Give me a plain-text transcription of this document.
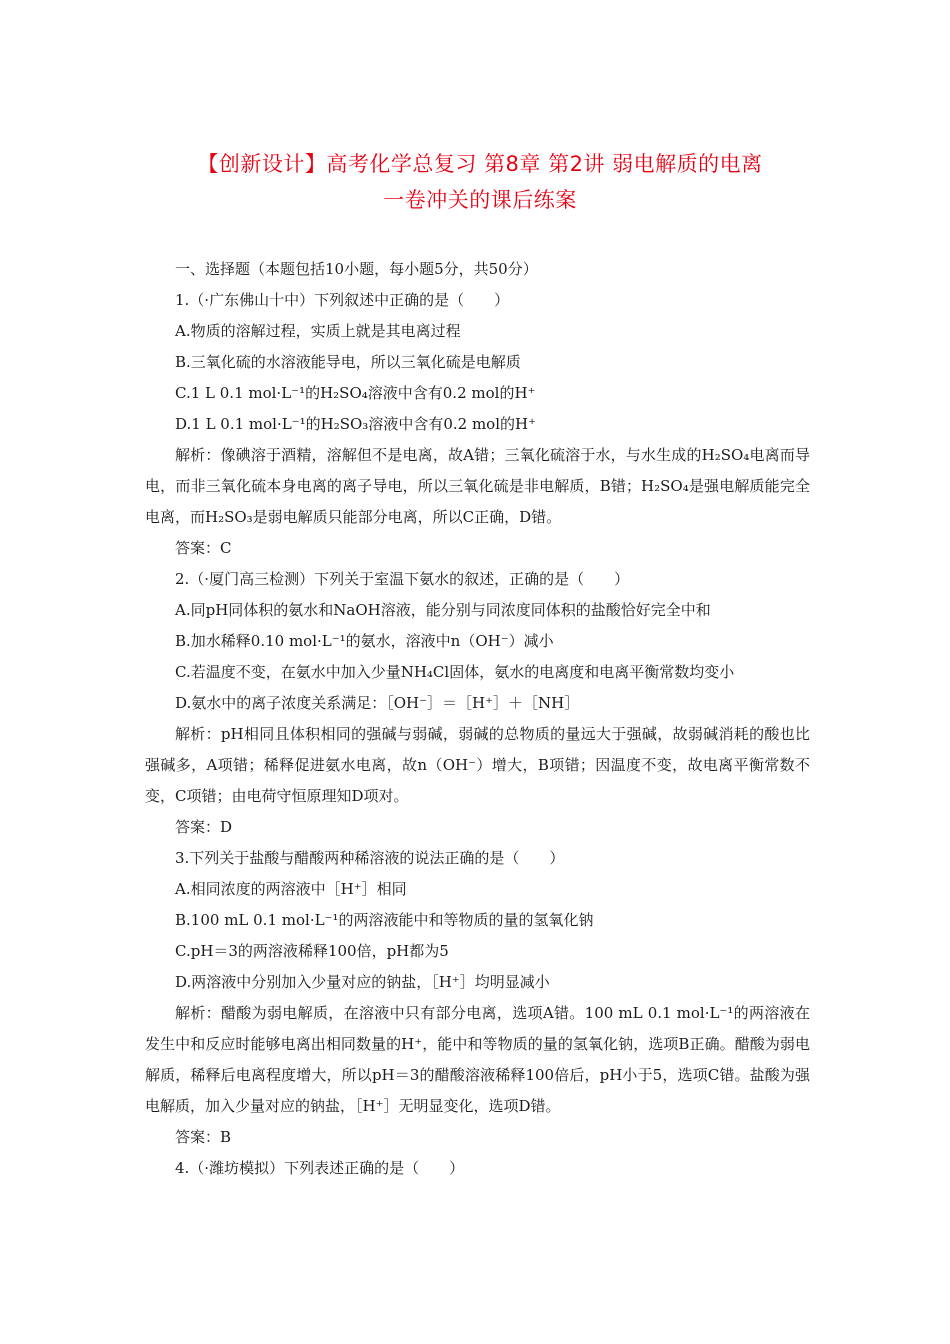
【创新设计】高考化学总复习 第8章 第2讲 弱电解质的电离
一卷冲关的课后练案

一、选择题（本题包括10小题，每小题5分，共50分）

1.（·广东佛山十中）下列叙述中正确的是（　　）

A.物质的溶解过程，实质上就是其电离过程

B.三氧化硫的水溶液能导电，所以三氧化硫是电解质

C.1 L 0.1 mol·L⁻¹的H₂SO₄溶液中含有0.2 mol的H⁺

D.1 L 0.1 mol·L⁻¹的H₂SO₃溶液中含有0.2 mol的H⁺

解析：像碘溶于酒精，溶解但不是电离，故A错；三氧化硫溶于水，与水生成的H₂SO₄电离而导电，而非三氧化硫本身电离的离子导电，所以三氧化硫是非电解质，B错；H₂SO₄是强电解质能完全电离，而H₂SO₃是弱电解质只能部分电离，所以C正确，D错。

答案：C

2.（·厦门高三检测）下列关于室温下氨水的叙述，正确的是（　　）

A.同pH同体积的氨水和NaOH溶液，能分别与同浓度同体积的盐酸恰好完全中和

B.加水稀释0.10 mol·L⁻¹的氨水，溶液中n（OH⁻）减小

C.若温度不变，在氨水中加入少量NH₄Cl固体，氨水的电离度和电离平衡常数均变小

D.氨水中的离子浓度关系满足：［OH⁻］＝［H⁺］＋［NH］

解析：pH相同且体积相同的强碱与弱碱，弱碱的总物质的量远大于强碱，故弱碱消耗的酸也比强碱多，A项错；稀释促进氨水电离，故n（OH⁻）增大，B项错；因温度不变，故电离平衡常数不变，C项错；由电荷守恒原理知D项对。

答案：D

3.下列关于盐酸与醋酸两种稀溶液的说法正确的是（　　）

A.相同浓度的两溶液中［H⁺］相同

B.100 mL 0.1 mol·L⁻¹的两溶液能中和等物质的量的氢氧化钠

C.pH＝3的两溶液稀释100倍，pH都为5

D.两溶液中分别加入少量对应的钠盐，［H⁺］均明显减小

解析：醋酸为弱电解质，在溶液中只有部分电离，选项A错。100 mL 0.1 mol·L⁻¹的两溶液在发生中和反应时能够电离出相同数量的H⁺，能中和等物质的量的氢氧化钠，选项B正确。醋酸为弱电解质，稀释后电离程度增大，所以pH＝3的醋酸溶液稀释100倍后，pH小于5，选项C错。盐酸为强电解质，加入少量对应的钠盐，［H⁺］无明显变化，选项D错。

答案：B

4.（·潍坊模拟）下列表述正确的是（　　）
